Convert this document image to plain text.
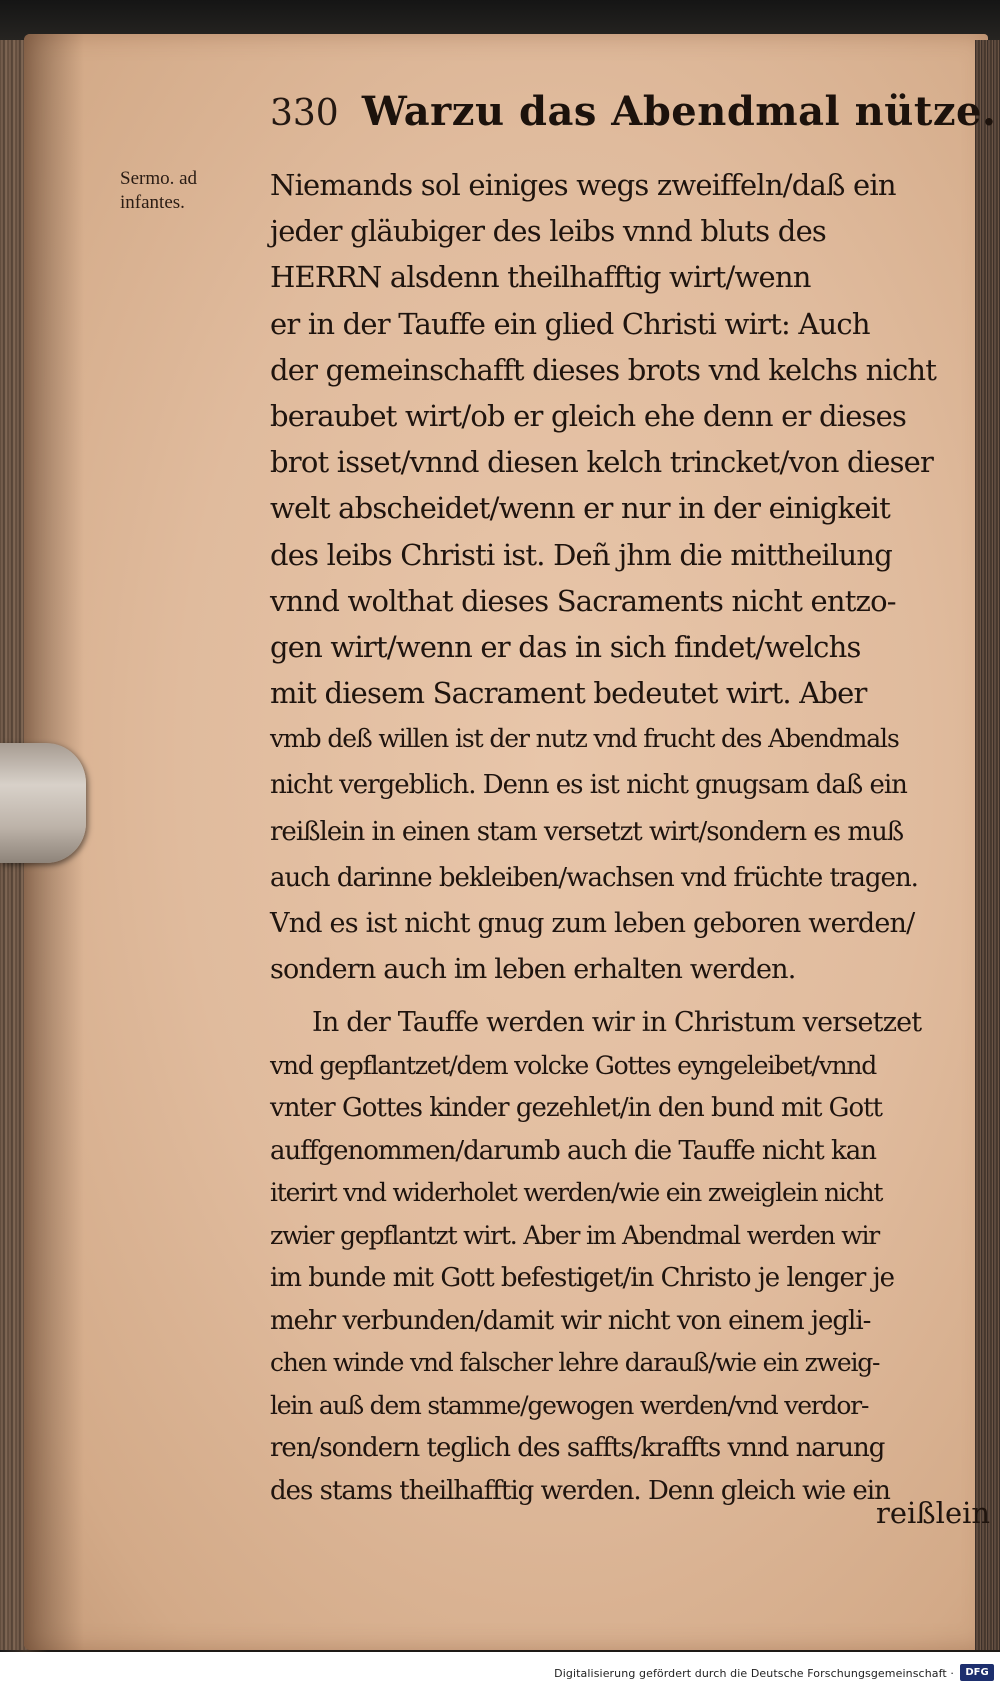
330 Warzu das Abendmal nütze.
Sermo. ad
infantes.
Niemands sol einiges wegs zweiffeln/daß ein
jeder gläubiger des leibs vnnd bluts des
HERRN alsdenn theilhafftig wirt/wenn
er in der Tauffe ein glied Christi wirt: Auch
der gemeinschafft dieses brots vnd kelchs nicht
beraubet wirt/ob er gleich ehe denn er dieses
brot isset/vnnd diesen kelch trincket/von dieser
welt abscheidet/wenn er nur in der einigkeit
des leibs Christi ist. Deñ jhm die mittheilung
vnnd wolthat dieses Sacraments nicht entzo-
gen wirt/wenn er das in sich findet/welchs
mit diesem Sacrament bedeutet wirt. Aber
vmb deß willen ist der nutz vnd frucht des Abendmals
nicht vergeblich. Denn es ist nicht gnugsam daß ein
reißlein in einen stam versetzt wirt/sondern es muß
auch darinne bekleiben/wachsen vnd früchte tragen.
Vnd es ist nicht gnug zum leben geboren werden/
sondern auch im leben erhalten werden.
In der Tauffe werden wir in Christum versetzet
vnd gepflantzet/dem volcke Gottes eyngeleibet/vnnd
vnter Gottes kinder gezehlet/in den bund mit Gott
auffgenommen/darumb auch die Tauffe nicht kan
iterirt vnd widerholet werden/wie ein zweiglein nicht
zwier gepflantzt wirt. Aber im Abendmal werden wir
im bunde mit Gott befestiget/in Christo je lenger je
mehr verbunden/damit wir nicht von einem jegli-
chen winde vnd falscher lehre darauß/wie ein zweig-
lein auß dem stamme/gewogen werden/vnd verdor-
ren/sondern teglich des saffts/kraffts vnnd narung
des stams theilhafftig werden. Denn gleich wie ein
reißlein
Digitalisierung gefördert durch die Deutsche Forschungsgemeinschaft ·	DFG
